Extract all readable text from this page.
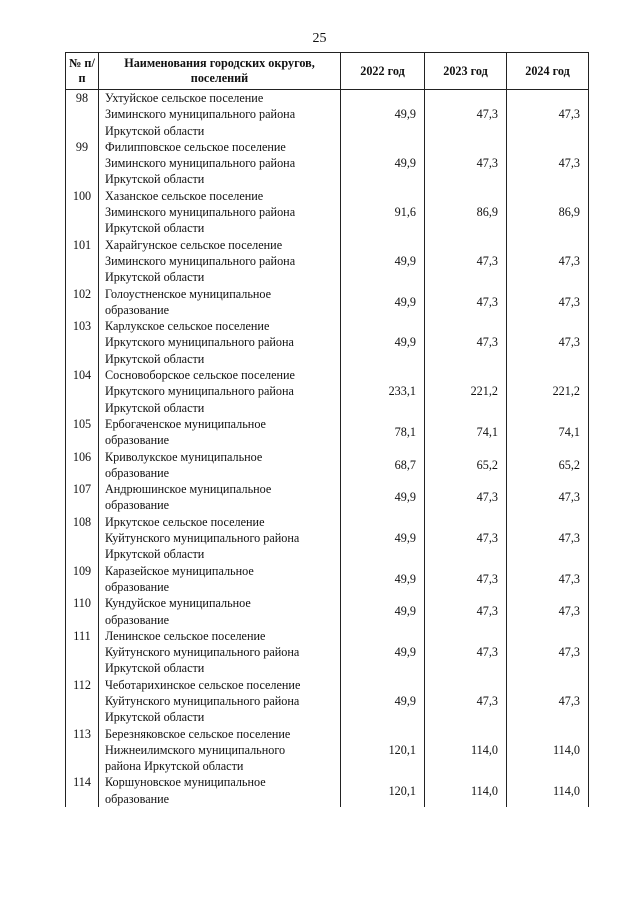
25
№ п/п	Наименования городских округов, поселений	2022 год	2023 год	2024 год
98	Ухтуйское сельское поселение
Зиминского муниципального района
Иркутской области	49,9	47,3	47,3
99	Филипповское сельское поселение
Зиминского муниципального района
Иркутской области	49,9	47,3	47,3
100	Хазанское сельское поселение
Зиминского муниципального района
Иркутской области	91,6	86,9	86,9
101	Харайгунское сельское поселение
Зиминского муниципального района
Иркутской области	49,9	47,3	47,3
102	Голоустненское муниципальное
образование	49,9	47,3	47,3
103	Карлукское сельское поселение
Иркутского муниципального района
Иркутской области	49,9	47,3	47,3
104	Сосновоборское сельское поселение
Иркутского муниципального района
Иркутской области	233,1	221,2	221,2
105	Ербогаченское муниципальное
образование	78,1	74,1	74,1
106	Криволукское муниципальное
образование	68,7	65,2	65,2
107	Андрюшинское муниципальное
образование	49,9	47,3	47,3
108	Иркутское сельское поселение
Куйтунского муниципального района
Иркутской области	49,9	47,3	47,3
109	Каразейское муниципальное
образование	49,9	47,3	47,3
110	Кундуйское муниципальное
образование	49,9	47,3	47,3
111	Ленинское сельское поселение
Куйтунского муниципального района
Иркутской области	49,9	47,3	47,3
112	Чеботарихинское сельское поселение
Куйтунского муниципального района
Иркутской области	49,9	47,3	47,3
113	Березняковское сельское поселение
Нижнеилимского муниципального
района Иркутской области	120,1	114,0	114,0
114	Коршуновское муниципальное
образование	120,1	114,0	114,0
